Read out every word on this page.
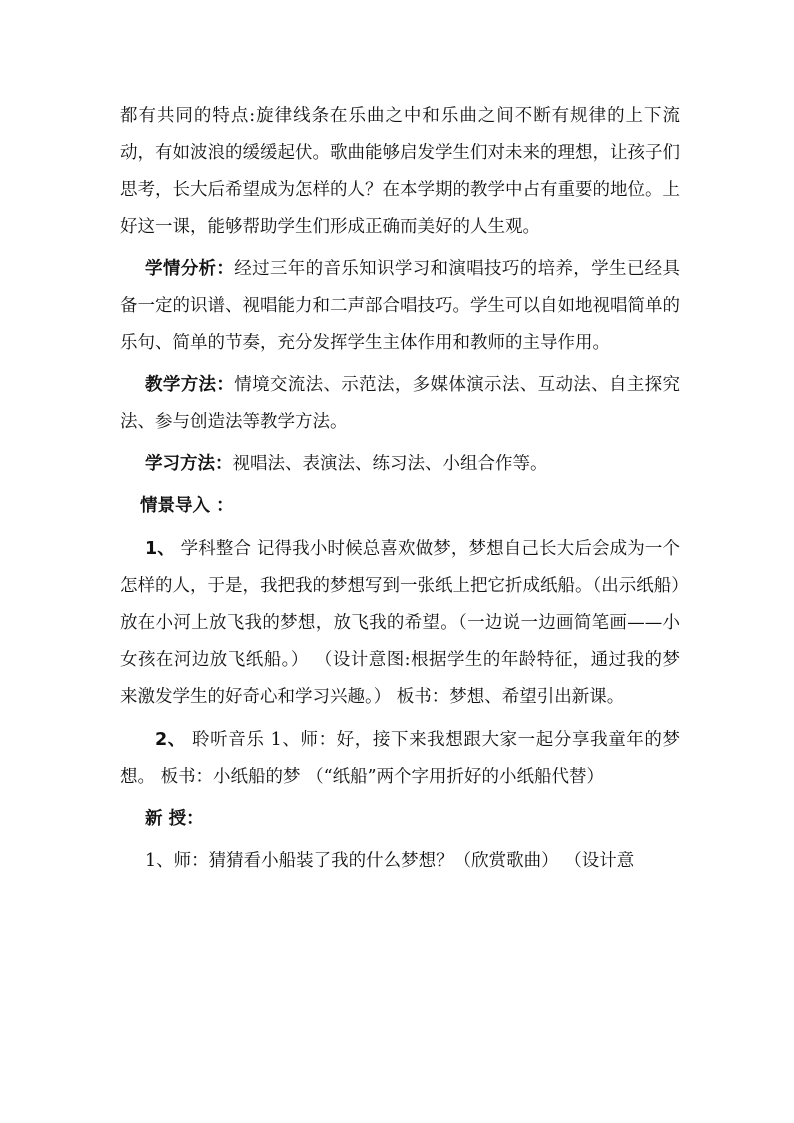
都有共同的特点:旋律线条在乐曲之中和乐曲之间不断有规律的上下流动，有如波浪的缓缓起伏。歌曲能够启发学生们对未来的理想，让孩子们思考，长大后希望成为怎样的人？在本学期的教学中占有重要的地位。上好这一课，能够帮助学生们形成正确而美好的人生观。

学情分析：经过三年的音乐知识学习和演唱技巧的培养，学生已经具备一定的识谱、视唱能力和二声部合唱技巧。学生可以自如地视唱简单的乐句、简单的节奏，充分发挥学生主体作用和教师的主导作用。

教学方法：情境交流法、示范法，多媒体演示法、互动法、自主探究法、参与创造法等教学方法。

学习方法：视唱法、表演法、练习法、小组合作等。

情景导入 ：

1、 学科整合 记得我小时候总喜欢做梦，梦想自己长大后会成为一个怎样的人，于是，我把我的梦想写到一张纸上把它折成纸船。（出示纸船）放在小河上放飞我的梦想，放飞我的希望。（一边说一边画简笔画——小女孩在河边放飞纸船。） （设计意图:根据学生的年龄特征，通过我的梦来激发学生的好奇心和学习兴趣。） 板书：梦想、希望引出新课。

2、 聆听音乐 1、师：好，接下来我想跟大家一起分享我童年的梦想。 板书：小纸船的梦 （“纸船”两个字用折好的小纸船代替）

新 授：

1、师：猜猜看小船装了我的什么梦想？（欣赏歌曲） （设计意
